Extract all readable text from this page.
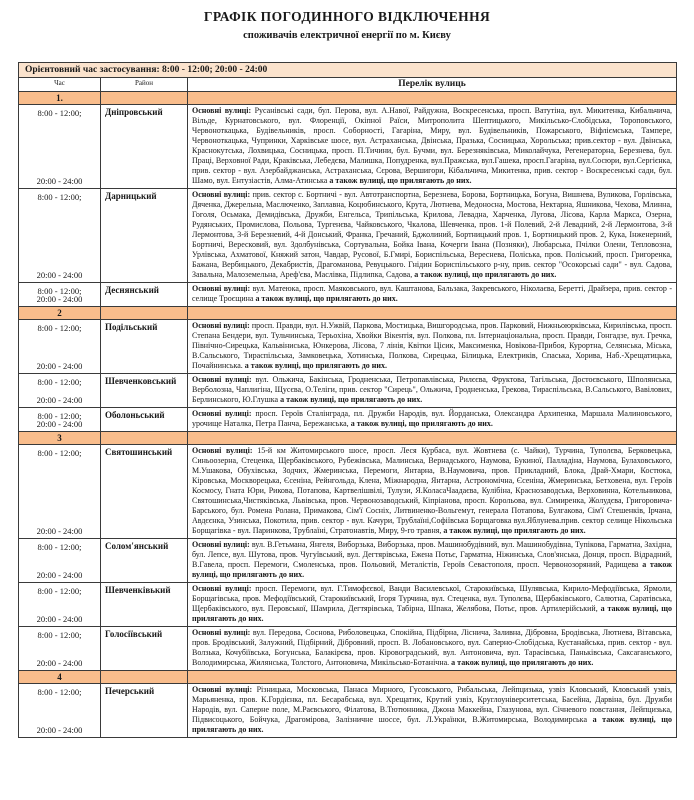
ГРАФІК ПОГОДИННОГО ВІДКЛЮЧЕННЯ
споживачів електричної енергії по м. Києву
Орієнтовний час застосування: 8:00 - 12:00; 20:00 - 24:00		
Час	Район	Перелік вулиць
1.		

8:00 - 12:00;
20:00 - 24:00	Дніпровський	Основні вулиці: Русанівські сади, бул. Перова, вул. А.Навої, Райдужна, Воскресенська, просп. Ватутіна, вул. Микитенка, Кибальчича, Вільде, Курнатовського, вул. Флоренції, Окіпної Раїси, Митрополита Шептицького, Микільсько-Слобідська, Тороповського, Червоноткацька, Будівельників, просп. Соборності, Гагаріна, Миру, вул. Будівельників, Пожарського, Віфліємська, Тампере, Червоноткацька, Чупринки, Харківське шосе, вул. Астраханська, Двінська, Празька, Сосницька, Хорольська; прив.сектор - вул. Двінська, Краснокутська, Лохвицька, Сосницька, просп. П.Тичини, бул. Бучми, вул. Березняківська, Миколайчука, Регенераторна, Березнева, бул. Праці, Верховної Ради, Краківська, Лебедєва, Малишка, Попудренка, вул.Пражська, вул.Гашека, просп.Гагаріна, вул.Сосюри, вул.Сергієнка, прив. сектор - вул. Азербайджанська, Астраханська, Сєрова, Вершигори, Кібальчича, Микитенка, прив. сектор - Воскресенські сади, бул. Шамо, вул. Ентузіастів, Алма-Атинська а також вулиці, що прилягають до них.

8:00 - 12:00;
20:00 - 24:00	Дарницький	Основні вулиці: прив. сектор с. Бортничі - вул. Автотранспортна, Березнева, Борова, Бортницька, Богуна, Вишнева, Вуликова, Горлівська, Дяченка, Джерельна, Маслюченко, Заплавна, Коцюбинського, Крута, Лютнева, Медоносна, Мостова, Нектарна, Яшникова, Чехова, Млинна, Гоголя, Осьмака, Демидівська, Дружби, Енгельса, Трипільська, Крилова, Левадна, Харченка, Лугова, Лісова, Карла Маркса, Озерна, Рудянських, Промислова, Польова, Тургенєва, Чайковського, Чкалова, Шевченка, пров. 1-й Полевий, 2-й Левадний, 2-й Лермонтова, 3-й Лермонтова, 3-й Березневий, 4-й Донський, Франка, Гречаний, Бджолиний, Бортницький пров. 1, Бортницький пров. 2, Кука, Інженерний, Бортничі, Вересковий, вул. Здолбунівська, Сортувальна, Бойка Івана, Кочерги Івана (Позняки), Любарська, Пчілки Олени, Тепловозна, Урлівська, Ахматової, Княжий затон, Чавдар, Русової, Б.Гмирі, Бориспільська, Вереснева, Поліська, пров. Поліський, просп. Григоренка, Бажана, Вербицького, Декабристів, Драгоманова, Ревуцького. Гнідин Бориспільського р-ну, прив. сектор "Осокорські сади" - вул. Садова, Завальна, Малоземельна, Ареф'єва, Маслівка, Підлипка, Садова, а також вулиці, що прилягають до них.

8:00 - 12:00;
20:00 - 24:00	Деснянський	Основні вулиці: вул. Матеюка, просп. Маяковського, вул. Каштанова, Бальзака, Закревського, Ніколаєва, Беретті, Драйзера, прив. сектор - селище Троєщина а також вулиці, що прилягають до них.
2		

8:00 - 12:00;
20:00 - 24:00	Подільський	Основні вулиці: просп. Правди, вул. Н.Ужвій, Паркова, Мостицька, Вишгородська, пров. Парковий, Нижньоюрківська, Кирилівська, просп. Степана Бендери, вул. Тульчинська, Терьохіна, Хвойки Вікентія, вул. Полкова, пл. Інтернаціональна, просп. Правди, Гонгадзе, вул. Гречка, Північно-Сирецька, Кальвіниська, Юнкерова, Лісова, 7 лінія, Квітки Цісик, Максименка, Новікова-Прибоя, Курортна, Селянська, Міська, В.Сальського, Тираспільська, Замковецька, Хотинська, Полкова, Сирецька, Білицька, Електриків, Спаська, Хорива, Наб.-Хрещатицька, Почайнинська. а також вулиці, що прилягають до них.

8:00 - 12:00;
20:00 - 24:00	Шевченковський	Основні вулиці: вул. Ольжича, Бакінська, Гродненська, Петропавлівська, Рилєєва, Фруктова, Тагільська, Достоєвського, Шполянська, Верболозна, Чаплигіна, Щусєва, О.Теліги, прив. сектор "Сирець", Ольжича, Гродненська, Грекова, Тираспільська, В.Сальського, Вавілових, Берлинського, Ю.Глушка а також вулиці, що прилягають до них.

8:00 - 12:00;
20:00 - 24:00	Оболоньський	Основні вулиці: просп. Героїв Сталінграда, пл. Дружби Народів, вул. Йорданська, Олександра Архипенка, Маршала Малиновського, урочище Наталка, Петра Панча, Бережанська, а також вулиці, що прилягають до них.
3		

8:00 - 12:00;
20:00 - 24:00	Святошинський	Основні вулиці: 15-й км Житомирського шосе, просп. Леся Курбаса, вул. Жовтнева (с. Чайки), Турчина, Туполєва, Берковецька, Синьоозерна, Стеценка, Щербаківського, Рубежівська, Малинська, Вернадського, Наумова, Букиної, Палладіна, Наумова, Булаховського, М.Ушакова, Обухівська, Зодчих, Жмеринська, Перемоги, Янтарна, В.Наумовича, пров. Прикладний, Блока, Драй-Хмари, Костюка, Кіровська, Москворецька, Єсеніна, Рейнгольда, Клена, Міжнародна, Янтарна, Астрономічна, Єсеніна, Жмеринська, Бетховена, вул. Героїв Космосу, Гната Юри, Рикова, Потапова, Картвелішвілі, Тулузи, Я.КоласаЧаадаєва, Кулібіна, Краснозаводська, Верховинна, Котельникова, Святошинська,Чистяківська, Львівська, пров. Червонозаводський, Кіпріанова, просп. Корольова, вул. Симиренка, Жолудєва, Григоровича-Барського, бул. Ромена Ролана, Примакова, Сім'ї Сосніх, Литвиненко-Вольгемут, генерала Потапова, Булгакова, Сім'ї Стешенків, Ірчана, Авдєєнка, Узинська, Покотила, прив. сектор - вул. Качури, Трублаїні,Софіївська Борщаговка вул.Яблунева.прив. сектор селище Нікольська Борщагівка - вул. Паринкова, Трублаїні, Стратонавтів, Миру, 9-го травня, а також вулиці, що прилягають до них.

8:00 - 12:00;
20:00 - 24:00	Солом'янський	Основні вулиці: вул. В.Гетьмана, Янгеля, Виборзька, Виборзька, пров. Машинобудівний, вул. Машинобудівна, Тупікова, Гарматна, Західна, бул. Лепсе, вул. Шутова, пров. Чугуївський, вул. Дегтярівська, Ежена Потьє, Гарматна, Ніжинська, Слов'янська, Донця, просп. Відрадний, В.Гавела, просп. Перемоги, Смоленська, пров. Польовий, Металістів, Героїв Севастополя, просп. Червонозоряний, Радищева а також вулиці, що прилягають до них.

8:00 - 12:00;
20:00 - 24:00	Шевченківький	Основні вулиці: просп. Перемоги, вул. Г.Тимофєєвої, Ванди Василевської, Старокиївська, Шулявська, Кирило-Мефодіївська, Ярмоли, Борщагівська, пров. Мефодіївський, Старокиївський, Ігоря Турчина, вул. Стеценка, вул. Туполєва, Щербаківського, Салютна, Саратівська, Щербаківського, вул. Перовської, Шамрила, Дегтярівська, Табірна, Шпака, Желябова, Потьє, пров. Артилерійський, а також вулиці, що прилягають до них.

8:00 - 12:00;
20:00 - 24:00	Голосіївський	Основні вулиці: вул. Передова, Соснова, Риболовецька, Спокійна, Підбірна, Ліснича, Заливна, Дібровна, Бродівська, Лютнева, Вітавська, пров. Бродівський, Залужний, Підбірний, Дібровний, просп. В. Лобановського, вул. Саперно-Слобідська, Кустанайська, прив. сектор - вул. Волзька, Кочубіївська, Богунська, Балакірєва, пров. Кіровоградський, вул. Антоновича, вул. Тарасівська, Паньківська, Саксаганського, Володимирська, Жилянська, Толстого, Антоновича, Микільсько-Ботанічна. а також вулиці, що прилягають до них.
4		

8:00 - 12:00;
20:00 - 24:00	Печерський	Основні вулиці: Різницька, Московська, Панаса Мирного, Гусовського, Рибальська, Лейпцизька, узвіз Кловський, Кловський узвіз, Марьяненка, пров. К.Гордієнка, пл. Бесарабська, вул. Хрещатик, Крутий узвіз, Круглоуніверситетська, Басейна, Дарвіна, бул. Дружби Народів, вул. Саперне поле, М.Раєвського, Філатова, В.Тютюнника, Джона Маккейна, Глазунова, вул. Січневого повстання, Лейпцизька, Підвисоцького, Бойчука, Драгомірова, Залізничне шоссе, бул. Л.Українки, В.Житомирська, Володимирська а також вулиці, що прилягають до них.
